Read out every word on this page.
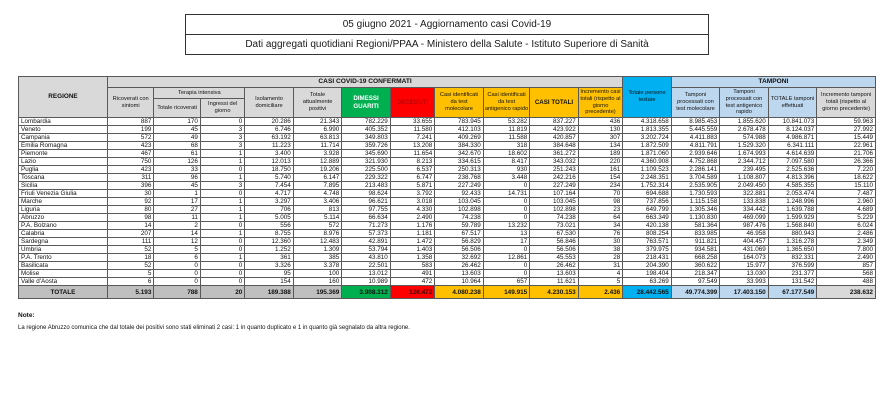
05 giugno 2021 - Aggiornamento casi Covid-19
Dati aggregati quotidiani Regioni/PPAA - Ministero della Salute - Istituto Superiore di Sanità
REGIONE	CASI COVID-19 CONFERMATI											Totale persone testate	TAMPONI			
	Ricoverati con sintomi	Terapia intensiva		Isolamento domiciliare	Totale attualmente positivi	DIMESSI GUARITI	DECEDUTI	Casi identificati da test molecolare	Casi identificati da test antigenico rapido	CASI TOTALI	Incremento casi totali (rispetto al giorno precedente)		Tamponi processati con test molecolare	Tamponi processati con test antigenico rapido	TOTALE tamponi effettuati	Incremento tamponi totali (rispetto al giorno precedente)
		Totale ricoverati	Ingressi del giorno													
Lombardia	887	170	0	20.286	21.343	782.229	33.655	783.945	53.282	837.227	436	4.318.658	8.985.453	1.855.620	10.841.073	59.963
Veneto	199	45	3	6.746	6.990	405.352	11.580	412.103	11.819	423.922	130	1.813.355	5.445.559	2.678.478	8.124.037	27.992
Campania	572	49	3	63.192	63.813	349.803	7.241	409.269	11.588	420.857	307	3.202.724	4.411.883	574.988	4.986.871	15.449
Emilia Romagna	423	68	3	11.223	11.714	359.726	13.208	384.330	318	384.648	134	1.872.509	4.811.791	1.529.320	6.341.111	22.961
Piemonte	467	61	1	3.400	3.928	345.690	11.654	342.670	18.602	361.272	189	1.871.060	2.939.646	1.674.993	4.614.639	21.706
Lazio	750	126	1	12.013	12.889	321.930	8.213	334.615	8.417	343.032	220	4.360.908	4.752.868	2.344.712	7.097.580	26.366
Puglia	423	33	0	18.750	19.206	225.500	6.537	250.313	930	251.243	161	1.109.523	2.286.141	239.495	2.525.636	7.220
Toscana	311	96	1	5.740	6.147	229.322	6.747	238.768	3.448	242.216	154	2.248.351	3.704.589	1.108.807	4.813.396	18.622
Sicilia	396	45	3	7.454	7.895	213.483	5.871	227.249	0	227.249	234	1.752.314	2.535.905	2.049.450	4.585.355	15.110
Friuli Venezia Giulia	30	1	0	4.717	4.748	98.624	3.792	92.433	14.731	107.164	70	694.688	1.730.593	322.881	2.053.474	7.487
Marche	92	17	1	3.297	3.406	96.621	3.018	103.045	0	103.045	98	737.856	1.115.158	133.838	1.248.996	2.960
Liguria	80	27	1	706	813	97.755	4.330	102.898	0	102.898	23	649.799	1.305.346	334.442	1.639.788	4.689
Abruzzo	98	11	1	5.005	5.114	66.634	2.490	74.238	0	74.238	64	663.349	1.130.830	469.099	1.599.929	5.229
P.A. Bolzano	14	2	0	556	572	71.273	1.176	59.789	13.232	73.021	34	420.138	581.364	987.476	1.568.840	6.024
Calabria	207	14	1	8.755	8.976	57.373	1.181	67.517	13	67.530	76	808.254	833.985	46.958	880.943	2.486
Sardegna	111	12	0	12.360	12.483	42.891	1.472	56.829	17	56.846	30	763.571	911.821	404.457	1.316.278	2.349
Umbria	52	5	0	1.252	1.309	53.794	1.403	56.506	0	56.506	38	379.975	934.581	431.069	1.365.650	7.800
P.A. Trento	18	6	1	361	385	43.810	1.358	32.692	12.861	45.553	28	218.431	668.258	164.073	832.331	2.490
Basilicata	52	0	0	3.326	3.378	22.501	583	26.462	0	26.462	31	204.390	360.622	15.977	376.599	857
Molise	5	0	0	95	100	13.012	491	13.603	0	13.603	4	198.404	218.347	13.030	231.377	568
Valle d'Aosta	6	0	0	154	160	10.989	472	10.964	657	11.621	5	63.269	97.549	33.993	131.542	488
TOTALE	5.193	788	20	189.388	195.369	3.908.312	126.472	4.080.238	149.915	4.230.153	2.436	28.442.565	49.774.399	17.403.150	67.177.549	238.632
Note:
La regione Abruzzo comunica che dal totale dei positivi sono stati eliminati 2 casi: 1 in quanto duplicato e 1 in quanto già segnalato da altra regione.
